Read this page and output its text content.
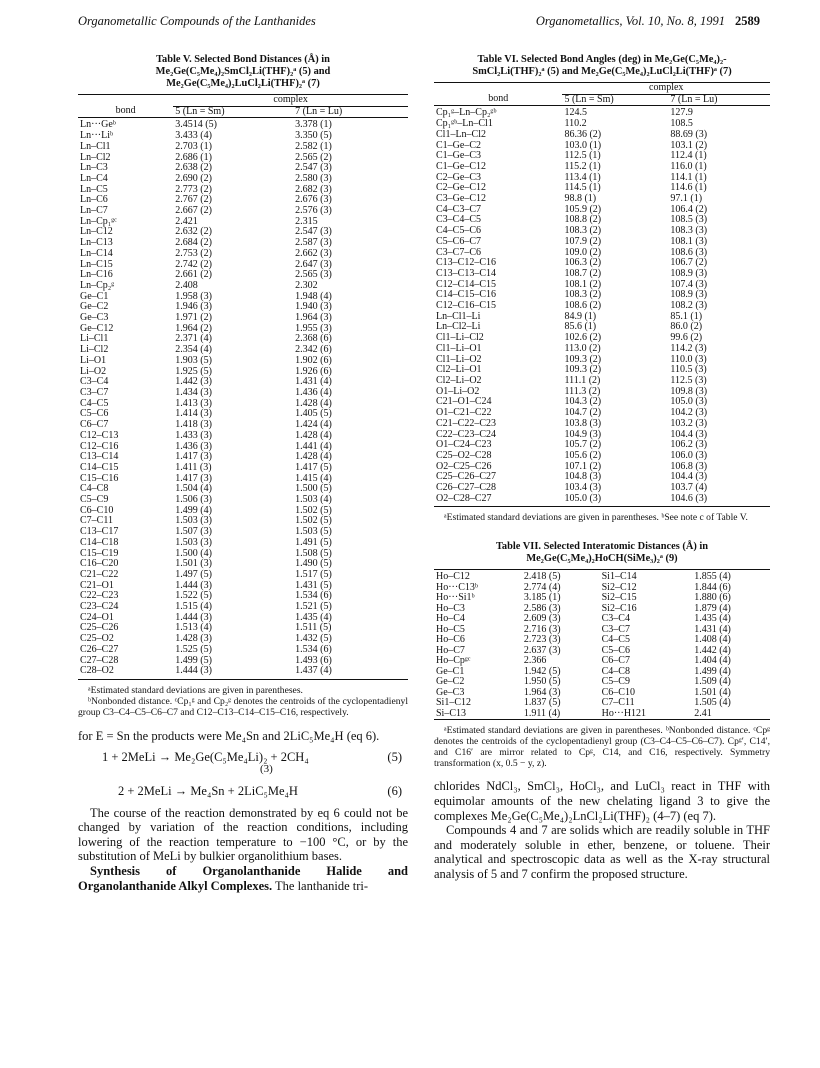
Organometallic Compounds of the Lanthanides	Organometallics, Vol. 10, No. 8, 1991 2589
Table V. Selected Bond Distances (Å) in
Me₂Ge(C₅Me₄)₂SmCl₂Li(THF)₂ᵃ (5) and
Me₂Ge(C₅Me₄)₂LuCl₂Li(THF)₂ᵃ (7)
	complex	
bond	5 (Ln = Sm)	7 (Ln = Lu)
Ln···Geᵇ	3.4514 (5)	3.378 (1)
Ln···Liᵇ	3.433 (4)	3.350 (5)
Ln–Cl1	2.703 (1)	2.582 (1)
Ln–Cl2	2.686 (1)	2.565 (2)
Ln–C3	2.638 (2)	2.547 (3)
Ln–C4	2.690 (2)	2.580 (3)
Ln–C5	2.773 (2)	2.682 (3)
Ln–C6	2.767 (2)	2.676 (3)
Ln–C7	2.667 (2)	2.576 (3)
Ln–Cp₁ᵍᶜ	2.421	2.315
Ln–C12	2.632 (2)	2.547 (3)
Ln–C13	2.684 (2)	2.587 (3)
Ln–C14	2.753 (2)	2.662 (3)
Ln–C15	2.742 (2)	2.647 (3)
Ln–C16	2.661 (2)	2.565 (3)
Ln–Cp₂ᵍ	2.408	2.302
Ge–C1	1.958 (3)	1.948 (4)
Ge–C2	1.946 (3)	1.940 (3)
Ge–C3	1.971 (2)	1.964 (3)
Ge–C12	1.964 (2)	1.955 (3)
Li–Cl1	2.371 (4)	2.368 (6)
Li–Cl2	2.354 (4)	2.342 (6)
Li–O1	1.903 (5)	1.902 (6)
Li–O2	1.925 (5)	1.926 (6)
C3–C4	1.442 (3)	1.431 (4)
C3–C7	1.434 (3)	1.436 (4)
C4–C5	1.413 (3)	1.428 (4)
C5–C6	1.414 (3)	1.405 (5)
C6–C7	1.418 (3)	1.424 (4)
C12–C13	1.433 (3)	1.428 (4)
C12–C16	1.436 (3)	1.441 (4)
C13–C14	1.417 (3)	1.428 (4)
C14–C15	1.411 (3)	1.417 (5)
C15–C16	1.417 (3)	1.415 (4)
C4–C8	1.504 (4)	1.500 (5)
C5–C9	1.506 (3)	1.503 (4)
C6–C10	1.499 (4)	1.502 (5)
C7–C11	1.503 (3)	1.502 (5)
C13–C17	1.507 (3)	1.503 (5)
C14–C18	1.503 (3)	1.491 (5)
C15–C19	1.500 (4)	1.508 (5)
C16–C20	1.501 (3)	1.490 (5)
C21–C22	1.497 (5)	1.517 (5)
C21–O1	1.444 (3)	1.431 (5)
C22–C23	1.522 (5)	1.534 (6)
C23–C24	1.515 (4)	1.521 (5)
C24–O1	1.444 (3)	1.435 (4)
C25–C26	1.513 (4)	1.511 (5)
C25–O2	1.428 (3)	1.432 (5)
C26–C27	1.525 (5)	1.534 (6)
C27–C28	1.499 (5)	1.493 (6)
C28–O2	1.444 (3)	1.437 (4)

ᵃEstimated standard deviations are given in parentheses.

ᵇNonbonded distance. ᶜCp₁ᵍ and Cp₂ᵍ denotes the centroids of the cyclopentadienyl group C3–C4–C5–C6–C7 and C12–C13–C14–C15–C16, respectively.

for E = Sn the products were Me₄Sn and 2LiC₅Me₄H (eq 6).

1 + 2MeLi → Me₂Ge(C₅Me₄Li)₂ + 2CH₄
(3)
(5)
2 + 2MeLi → Me₄Sn + 2LiC₅Me₄H	(6)

The course of the reaction demonstrated by eq 6 could not be changed by variation of the reaction conditions, including lowering of the reaction temperature to −100 °C, or by the substitution of MeLi by bulkier organolithium bases.

Synthesis of Organolanthanide Halide and Organolanthanide Alkyl Complexes. The lanthanide tri-

Table VI. Selected Bond Angles (deg) in Me₂Ge(C₅Me₄)₂-
SmCl₂Li(THF)₂ᵃ (5) and Me₂Ge(C₅Me₄)₂LuCl₂Li(THF)ᵃ (7)
	complex	
bond	5 (Ln = Sm)	7 (Ln = Lu)
Cp₁ᵍ–Ln–Cp₂ᵍᵇ	124.5	127.9
Cp₁ᵍᵇ–Ln–Cl1	110.2	108.5
Cl1–Ln–Cl2	86.36 (2)	88.69 (3)
C1–Ge–C2	103.0 (1)	103.1 (2)
C1–Ge–C3	112.5 (1)	112.4 (1)
C1–Ge–C12	115.2 (1)	116.0 (1)
C2–Ge–C3	113.4 (1)	114.1 (1)
C2–Ge–C12	114.5 (1)	114.6 (1)
C3–Ge–C12	98.8 (1)	97.1 (1)
C4–C3–C7	105.9 (2)	106.4 (2)
C3–C4–C5	108.8 (2)	108.5 (3)
C4–C5–C6	108.3 (2)	108.3 (3)
C5–C6–C7	107.9 (2)	108.1 (3)
C3–C7–C6	109.0 (2)	108.6 (3)
C13–C12–C16	106.3 (2)	106.7 (2)
C13–C13–C14	108.7 (2)	108.9 (3)
C12–C14–C15	108.1 (2)	107.4 (3)
C14–C15–C16	108.3 (2)	108.9 (3)
C12–C16–C15	108.6 (2)	108.2 (3)
Ln–Cl1–Li	84.9 (1)	85.1 (1)
Ln–Cl2–Li	85.6 (1)	86.0 (2)
Cl1–Li–Cl2	102.6 (2)	99.6 (2)
Cl1–Li–O1	113.0 (2)	114.2 (3)
Cl1–Li–O2	109.3 (2)	110.0 (3)
Cl2–Li–O1	109.3 (2)	110.5 (3)
Cl2–Li–O2	111.1 (2)	112.5 (3)
O1–Li–O2	111.3 (2)	109.8 (3)
C21–O1–C24	104.3 (2)	105.0 (3)
O1–C21–C22	104.7 (2)	104.2 (3)
C21–C22–C23	103.8 (3)	103.2 (3)
C22–C23–C24	104.9 (3)	104.4 (3)
O1–C24–C23	105.7 (2)	106.2 (3)
C25–O2–C28	105.6 (2)	106.0 (3)
O2–C25–C26	107.1 (2)	106.8 (3)
C25–C26–C27	104.8 (3)	104.4 (3)
C26–C27–C28	103.4 (3)	103.7 (4)
O2–C28–C27	105.0 (3)	104.6 (3)

ᵃEstimated standard deviations are given in parentheses. ᵇSee note c of Table V.

Table VII. Selected Interatomic Distances (Å) in
Me₂Ge(C₅Me₄)₂HoCH(SiMe₃)₂ᵃ (9)
Ho–C12	2.418 (5)	Si1–C14	1.855 (4)
Ho···C13ᵇ	2.774 (4)	Si2–C12	1.844 (6)
Ho···Si1ᵇ	3.185 (1)	Si2–C15	1.880 (6)
Ho–C3	2.586 (3)	Si2–C16	1.879 (4)
Ho–C4	2.609 (3)	C3–C4	1.435 (4)
Ho–C5	2.716 (3)	C3–C7	1.431 (4)
Ho–C6	2.723 (3)	C4–C5	1.408 (4)
Ho–C7	2.637 (3)	C5–C6	1.442 (4)
Ho–Cpᵍᶜ	2.366	C6–C7	1.404 (4)
Ge–C1	1.942 (5)	C4–C8	1.499 (4)
Ge–C2	1.950 (5)	C5–C9	1.509 (4)
Ge–C3	1.964 (3)	C6–C10	1.501 (4)
Si1–C12	1.837 (5)	C7–C11	1.505 (4)
Si–C13	1.911 (4)	Ho···H121	2.41

ᵃEstimated standard deviations are given in parentheses. ᵇNonbonded distance. ᶜCpᵍ denotes the centroids of the cyclopentadienyl group (C3–C4–C5–C6–C7). Cpᵍ′, C14′, and C16′ are mirror related to Cpᵍ, C14, and C16, respectively. Symmetry transformation (x, 0.5 − y, z).

chlorides NdCl₃, SmCl₃, HoCl₃, and LuCl₃ react in THF with equimolar amounts of the new chelating ligand 3 to give the complexes Me₂Ge(C₅Me₄)₂LnCl₂Li(THF)₂ (4–7) (eq 7).

Compounds 4 and 7 are solids which are readily soluble in THF and moderately soluble in ether, benzene, or toluene. Their analytical and spectroscopic data as well as the X-ray structural analysis of 5 and 7 confirm the proposed structure.
